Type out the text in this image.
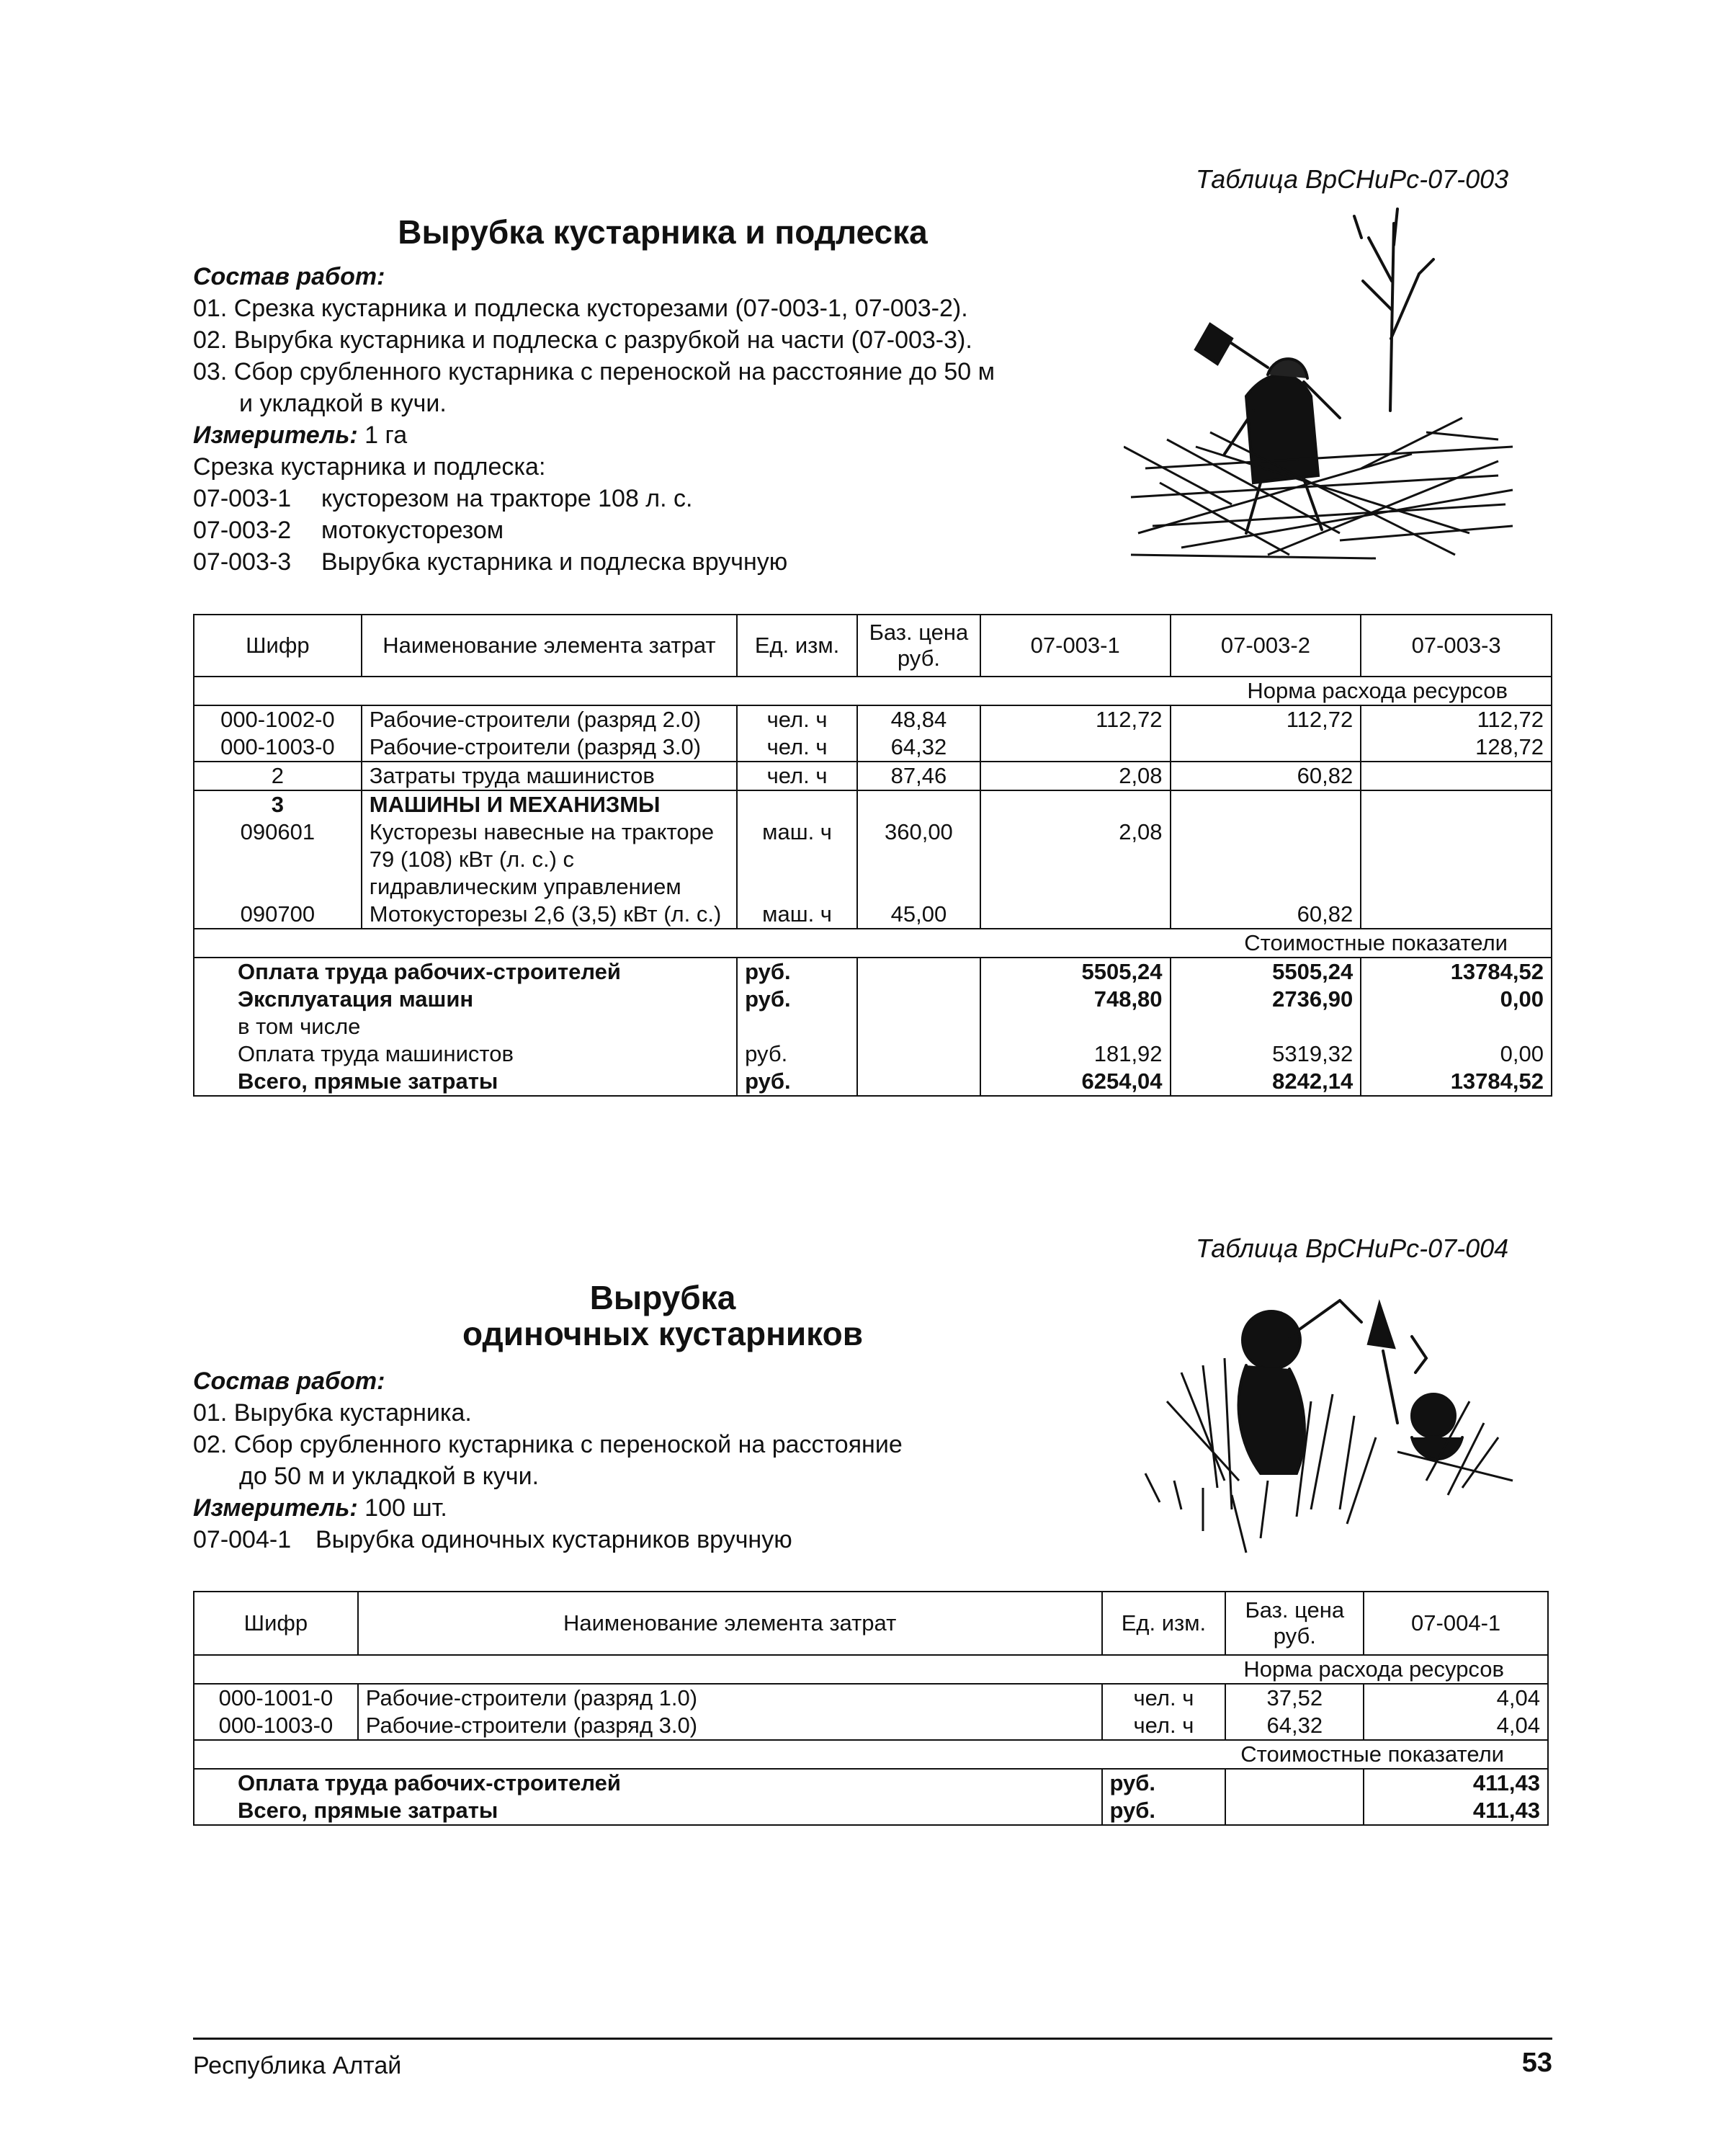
Таблица ВрСНиРс-07-003
Вырубка кустарника и подлеска
Состав работ:
01. Срезка кустарника и подлеска кусторезами (07-003-1, 07-003-2).
02. Вырубка кустарника и подлеска с разрубкой на части (07-003-3).
03. Сбор срубленного кустарника с переноской на расстояние до 50 м
и укладкой в кучи.
Измеритель: 1 га
Срезка кустарника и подлеска:
07-003-1 кусторезом на тракторе 108 л. с.
07-003-2 мотокусторезом
07-003-3 Вырубка кустарника и подлеска вручную
Шифр	Наименование элемента затрат	Ед. изм.	Баз. цена руб.	07-003-1	07-003-2	07-003-3
Норма расхода ресурсов						
000-1002-0	Рабочие-строители (разряд 2.0)	чел. ч	48,84	112,72	112,72	112,72
000-1003-0	Рабочие-строители (разряд 3.0)	чел. ч	64,32			128,72
2	Затраты труда машинистов	чел. ч	87,46	2,08	60,82	
3	МАШИНЫ И МЕХАНИЗМЫ					
090601	Кусторезы навесные на тракторе 79 (108) кВт (л. с.) с гидравлическим управлением	маш. ч	360,00	2,08		
090700	Мотокусторезы 2,6 (3,5) кВт (л. с.)	маш. ч	45,00		60,82	
Стоимостные показатели						
Оплата труда рабочих-строителей		руб.		5505,24	5505,24	13784,52
Эксплуатация машин		руб.		748,80	2736,90	0,00
в том числе						
Оплата труда машинистов		руб.		181,92	5319,32	0,00
Всего, прямые затраты		руб.		6254,04	8242,14	13784,52
Таблица ВрСНиРс-07-004
Вырубка
одиночных кустарников
Состав работ:
01. Вырубка кустарника.
02. Сбор срубленного кустарника с переноской на расстояние
до 50 м и укладкой в кучи.
Измеритель: 100 шт.
07-004-1 Вырубка одиночных кустарников вручную
Шифр	Наименование элемента затрат	Ед. изм.	Баз. цена руб.	07-004-1
Норма расхода ресурсов				
000-1001-0	Рабочие-строители (разряд 1.0)	чел. ч	37,52	4,04
000-1003-0	Рабочие-строители (разряд 3.0)	чел. ч	64,32	4,04
Стоимостные показатели				
Оплата труда рабочих-строителей		руб.		411,43
Всего, прямые затраты		руб.		411,43
Республика Алтай	53
